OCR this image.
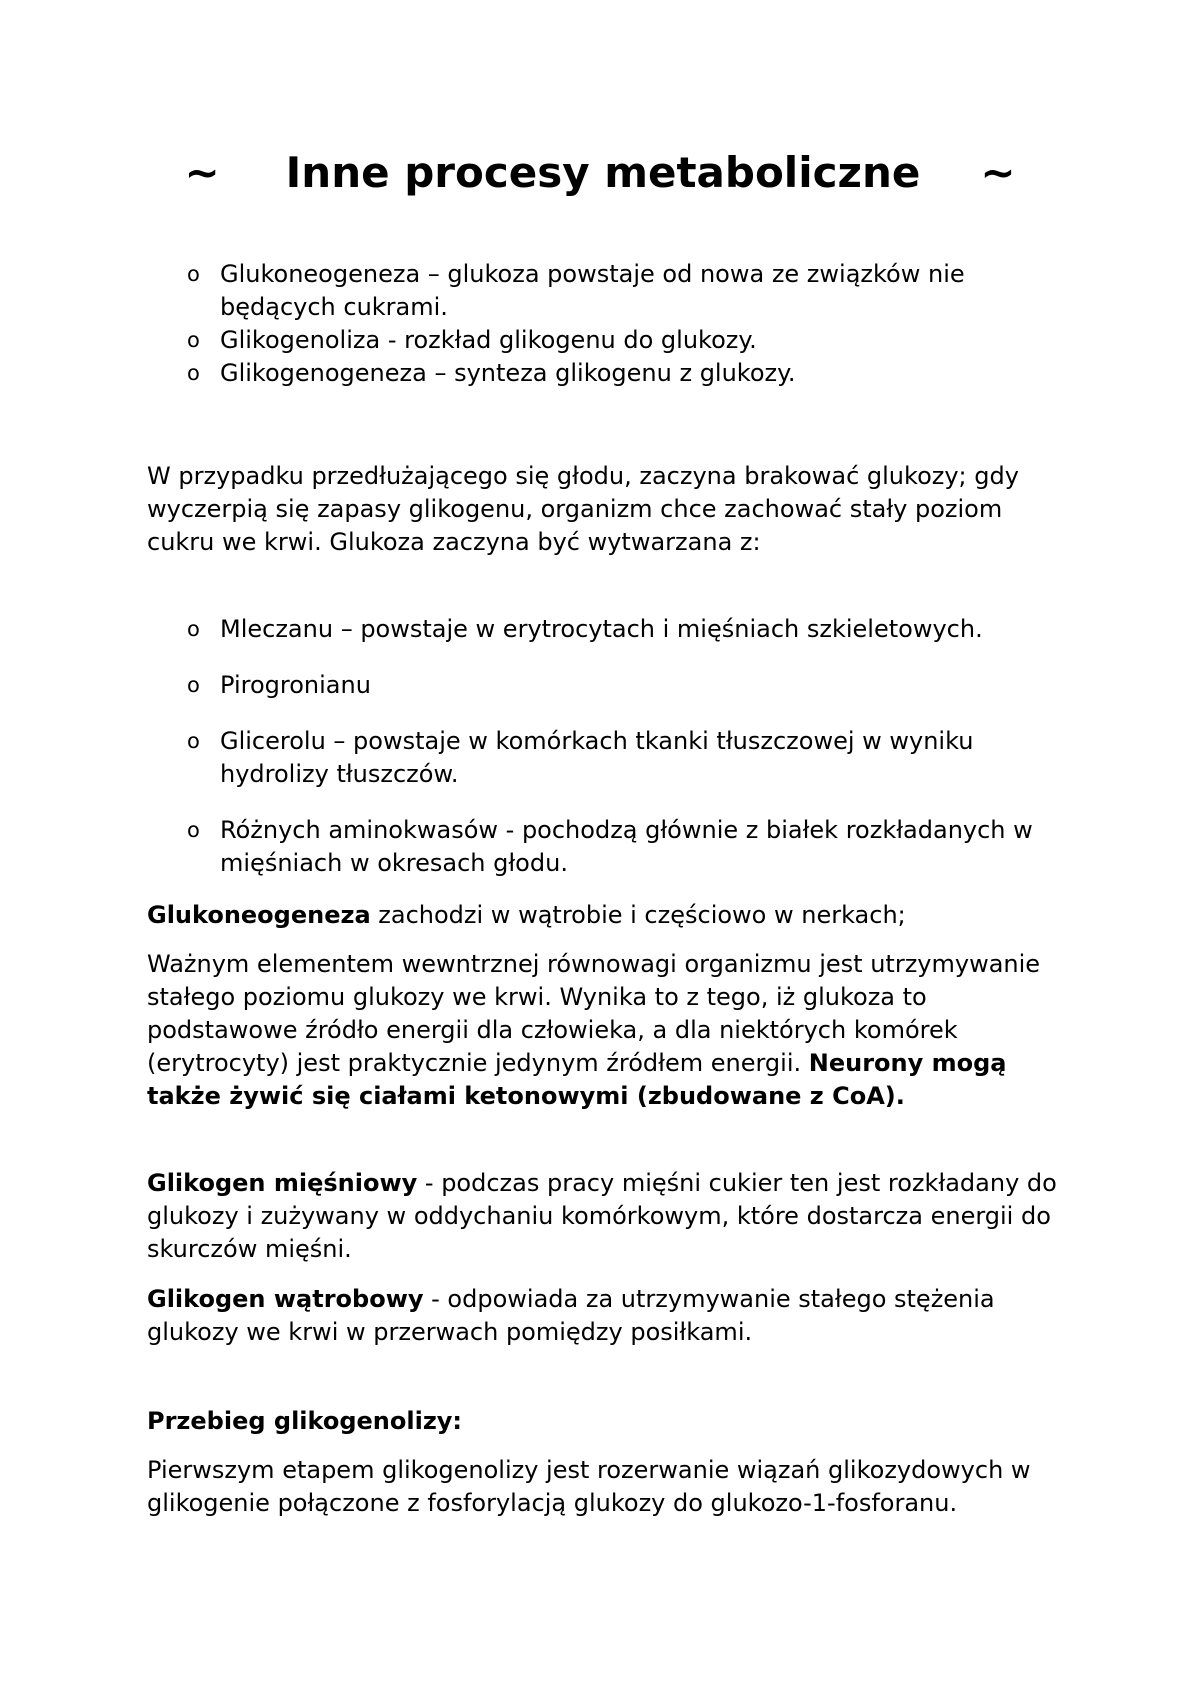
~ Inne procesy metaboliczne ~
o Glukoneogeneza – glukoza powstaje od nowa ze związków nie będących cukrami.
o Glikogenoliza - rozkład glikogenu do glukozy.
o Glikogenogeneza – synteza glikogenu z glukozy.

W przypadku przedłużającego się głodu, zaczyna brakować glukozy; gdy wyczerpią się zapasy glikogenu, organizm chce zachować stały poziom cukru we krwi. Glukoza zaczyna być wytwarzana z:

o Mleczanu – powstaje w erytrocytach i mięśniach szkieletowych.
o Pirogronianu
o Glicerolu – powstaje w komórkach tkanki tłuszczowej w wyniku hydrolizy tłuszczów.
o Różnych aminokwasów - pochodzą głównie z białek rozkładanych w mięśniach w okresach głodu.

Glukoneogeneza zachodzi w wątrobie i częściowo w nerkach;

Ważnym elementem wewntrznej równowagi organizmu jest utrzymywanie stałego poziomu glukozy we krwi. Wynika to z tego, iż glukoza to podstawowe źródło energii dla człowieka, a dla niektórych komórek (erytrocyty) jest praktycznie jedynym źródłem energii. Neurony mogą także żywić się ciałami ketonowymi (zbudowane z CoA).

Glikogen mięśniowy - podczas pracy mięśni cukier ten jest rozkładany do glukozy i zużywany w oddychaniu komórkowym, które dostarcza energii do skurczów mięśni.

Glikogen wątrobowy - odpowiada za utrzymywanie stałego stężenia glukozy we krwi w przerwach pomiędzy posiłkami.

Przebieg glikogenolizy:

Pierwszym etapem glikogenolizy jest rozerwanie wiązań glikozydowych w glikogenie połączone z fosforylacją glukozy do glukozo-1-fosforanu.
